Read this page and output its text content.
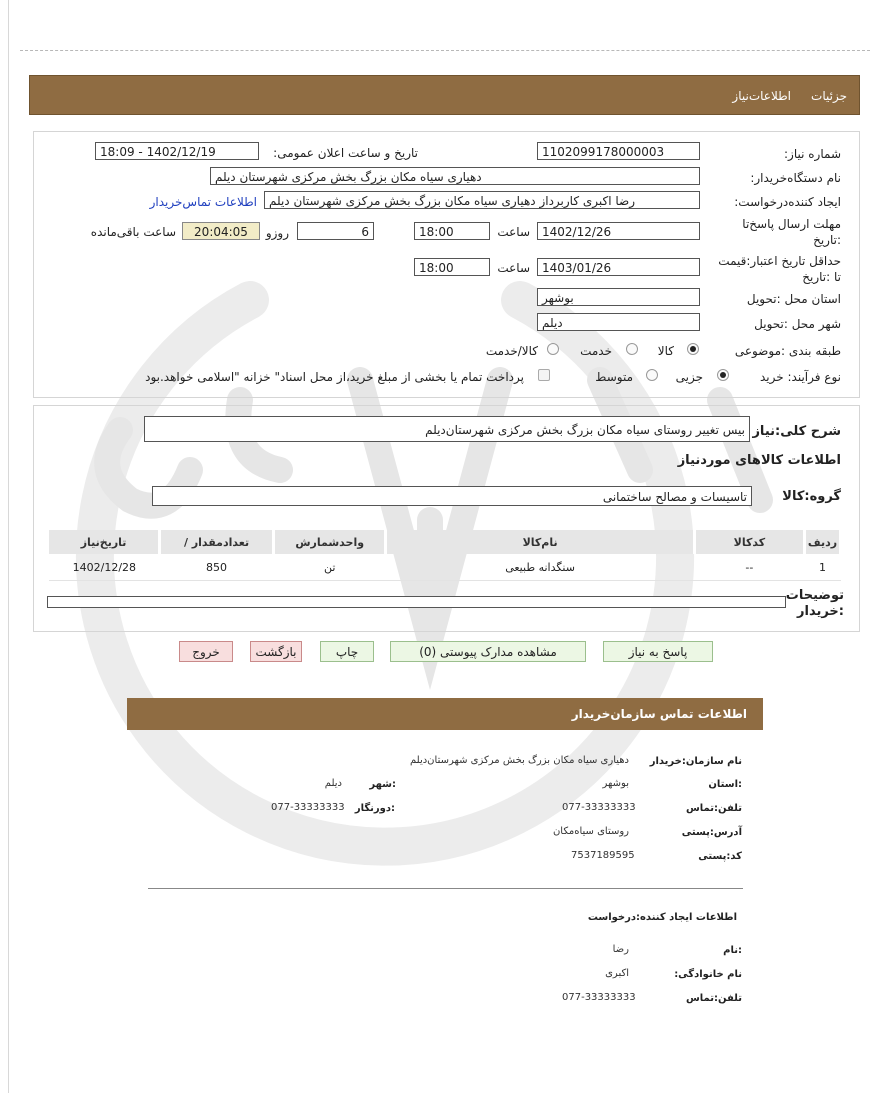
جزئیات
اطلاعات‌نیاز
شماره نیاز:
1102099178000003
تاریخ و ساعت اعلان عمومی:
1402/12/19 - 18:09
نام دستگاه‌خریدار:
دهیاری سیاه مکان بزرگ بخش مرکزی شهرستان دیلم
ایجاد کننده‌درخواست:
رضا اکبری کاربرداز دهیاری سیاه مکان بزرگ بخش مرکزی شهرستان دیلم
اطلاعات تماس‌خریدار
مهلت ارسال پاسخ‌تا
:تاریخ
1402/12/26
ساعت
18:00
6
روزو
20:04:05
ساعت باقی‌مانده
حداقل تاریخ اعتبار:قیمت
تا :تاریخ
1403/01/26
ساعت
18:00
استان محل :تحویل
بوشهر
شهر محل :تحویل
دیلم
طبقه بندی :موضوعی
کالا
خدمت
کالا/خدمت
نوع فرآیند: خرید
جزیی
متوسط
پرداخت تمام یا بخشی از مبلغ خرید،از محل اسناد" خزانه "اسلامی خواهد.بود
شرح کلی:نیاز
بیس تغییر روستای سیاه مکان بزرگ بخش مرکزی شهرستان‌دیلم
اطلاعات کالاهای موردنیاز
گروه:کالا
تاسیسات و مصالح ساختمانی
تاریخ‌نیاز	/ تعدادمقدار	واحدشمارش	نام‌کالا	کدکالا	ردیف
1402/12/28	850	تن	سنگدانه طبیعی	--	1
توضیحات
:خریدار
پاسخ به نیاز
مشاهده مدارک پیوستی (0)
چاپ
بازگشت
خروج
اطلاعات تماس سازمان‌خریدار
نام سازمان:خریدار
دهیاری سیاه مکان بزرگ بخش مرکزی شهرستان‌دیلم
:استان
بوشهر
:شهر
دیلم
تلفن:تماس
077-33333333
:دورنگار
077-33333333
آدرس:پستی
روستای سیاه‌مکان
کد:پستی
7537189595
اطلاعات ایجاد کننده:درخواست
:نام
رضا
نام خانوادگی:
اکبری
تلفن:تماس
077-33333333
